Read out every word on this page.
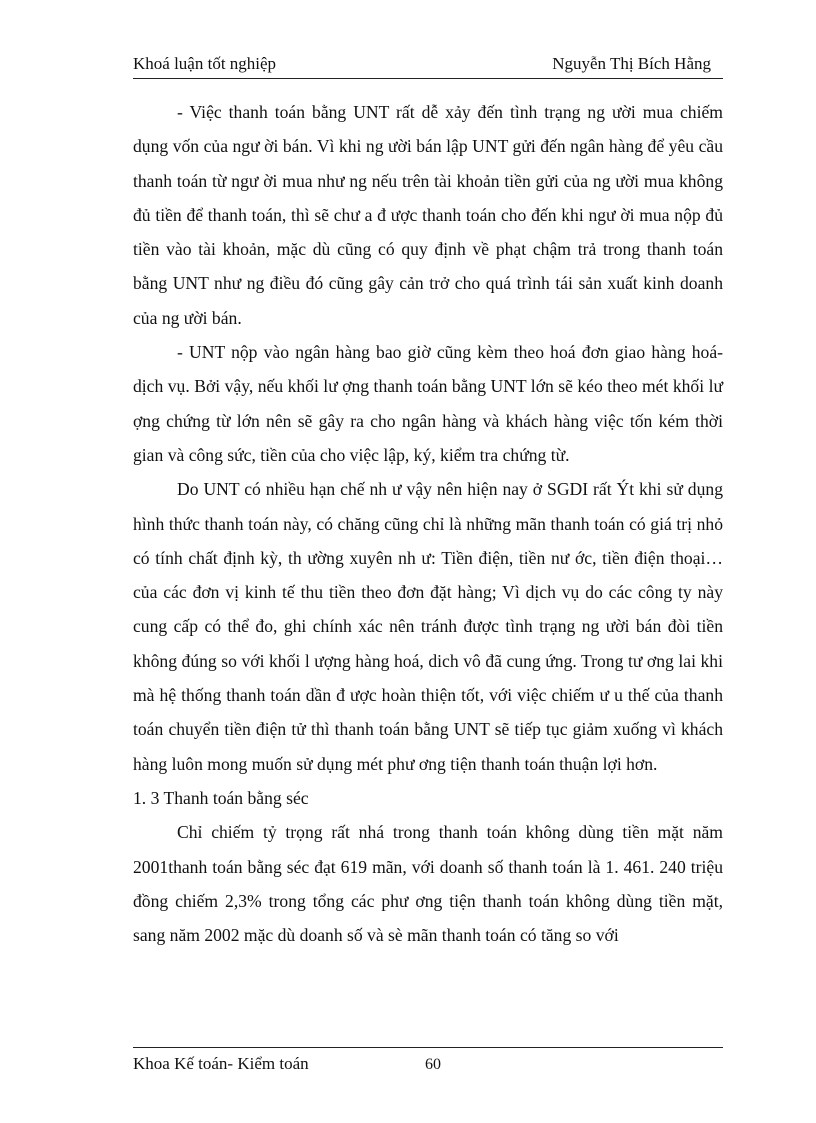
Khoá luận tốt nghiệp	Nguyễn Thị Bích Hằng

- Việc thanh toán bằng UNT rất dễ xảy đến tình trạng ng ười mua chiếm dụng vốn của ngư ời bán. Vì khi ng ười bán lập UNT gửi đến ngân hàng để yêu cầu thanh toán từ ngư ời mua như ng nếu trên tài khoản tiền gửi của ng ười mua không đủ tiền để thanh toán, thì sẽ chư a đ ược thanh toán cho đến khi ngư ời mua nộp đủ tiền vào tài khoản, mặc dù cũng có quy định về phạt chậm trả trong thanh toán bằng UNT như ng điều đó cũng gây cản trở cho quá trình tái sản xuất kinh doanh của ng ười bán.

- UNT nộp vào ngân hàng bao giờ cũng kèm theo hoá đơn giao hàng hoá- dịch vụ. Bởi vậy, nếu khối lư ợng thanh toán bằng UNT lớn sẽ kéo theo mét khối lư ợng chứng từ lớn nên sẽ gây ra cho ngân hàng và khách hàng việc tốn kém thời gian và công sức, tiền của cho việc lập, ký, kiểm tra chứng từ.

Do UNT có nhiều hạn chế nh ư vậy nên hiện nay ở SGDI rất Ýt khi sử dụng hình thức thanh toán này, có chăng cũng chỉ là những mãn thanh toán có giá trị nhỏ có tính chất định kỳ, th ường xuyên nh ư: Tiền điện, tiền nư ớc, tiền điện thoại… của các đơn vị kinh tế thu tiền theo đơn đặt hàng; Vì dịch vụ do các công ty này cung cấp có thể đo, ghi chính xác nên tránh được tình trạng ng ười bán đòi tiền không đúng so với khối l ượng hàng hoá, dich vô đã cung ứng. Trong tư ơng lai khi mà hệ thống thanh toán dần đ ược hoàn thiện tốt, với việc chiếm ư u thế của thanh toán chuyển tiền điện tử thì thanh toán bằng UNT sẽ tiếp tục giảm xuống vì khách hàng luôn mong muốn sử dụng mét phư ơng tiện thanh toán thuận lợi hơn.

1. 3 Thanh toán bằng séc

Chỉ chiếm tỷ trọng rất nhá trong thanh toán không dùng tiền mặt năm 2001thanh toán bằng séc đạt 619 mãn, với doanh số thanh toán là 1. 461. 240 triệu đồng chiếm 2,3% trong tổng các phư ơng tiện thanh toán không dùng tiền mặt, sang năm 2002 mặc dù doanh số và sè mãn thanh toán có tăng so với

Khoa Kế toán- Kiểm toán	60
